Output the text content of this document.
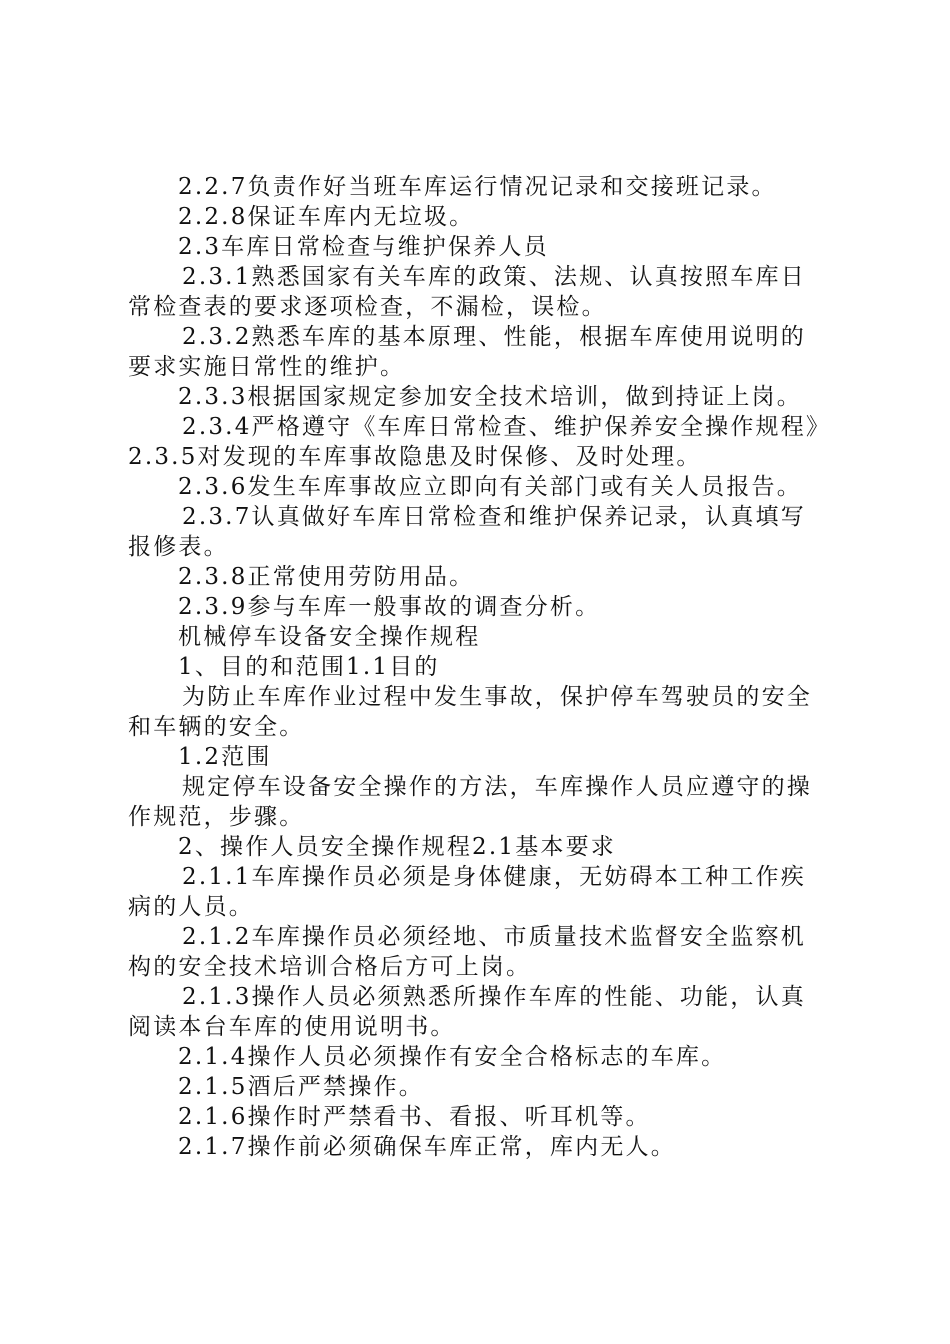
2.2.7负责作好当班车库运行情况记录和交接班记录。

2.2.8保证车库内无垃圾。

2.3车库日常检查与维护保养人员

2.3.1熟悉国家有关车库的政策、法规、认真按照车库日常检查表的要求逐项检查，不漏检，误检。

2.3.2熟悉车库的基本原理、性能，根据车库使用说明的要求实施日常性的维护。

2.3.3根据国家规定参加安全技术培训，做到持证上岗。

2.3.4严格遵守《车库日常检查、维护保养安全操作规程》2.3.5对发现的车库事故隐患及时保修、及时处理。

2.3.6发生车库事故应立即向有关部门或有关人员报告。

2.3.7认真做好车库日常检查和维护保养记录，认真填写报修表。

2.3.8正常使用劳防用品。

2.3.9参与车库一般事故的调查分析。

机械停车设备安全操作规程

1、目的和范围1.1目的

为防止车库作业过程中发生事故，保护停车驾驶员的安全和车辆的安全。

1.2范围

规定停车设备安全操作的方法，车库操作人员应遵守的操作规范，步骤。

2、操作人员安全操作规程2.1基本要求

2.1.1车库操作员必须是身体健康，无妨碍本工种工作疾病的人员。

2.1.2车库操作员必须经地、市质量技术监督安全监察机构的安全技术培训合格后方可上岗。

2.1.3操作人员必须熟悉所操作车库的性能、功能，认真阅读本台车库的使用说明书。

2.1.4操作人员必须操作有安全合格标志的车库。

2.1.5酒后严禁操作。

2.1.6操作时严禁看书、看报、听耳机等。

2.1.7操作前必须确保车库正常，库内无人。
